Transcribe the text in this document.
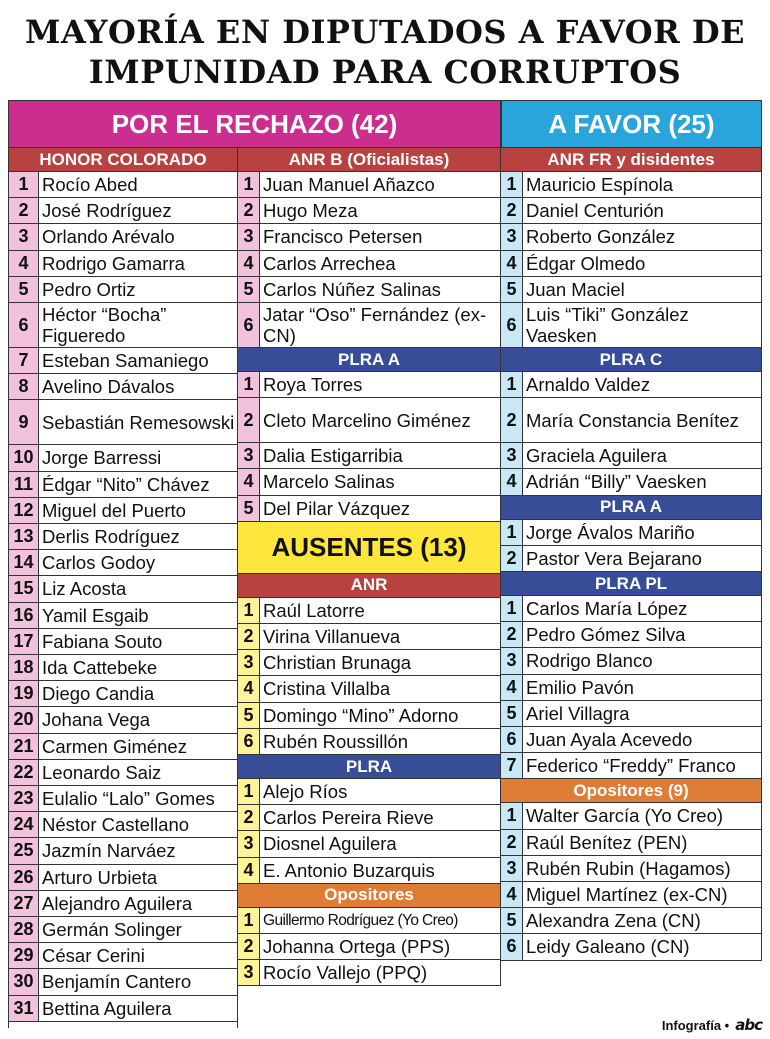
MAYORÍA EN DIPUTADOS A FAVOR DE
IMPUNIDAD PARA CORRUPTOS
POR EL RECHAZO (42)	A FAVOR (25)
HONOR COLORADO
1 Rocío Abed
2 José Rodríguez
3 Orlando Arévalo
4 Rodrigo Gamarra
5 Pedro Ortiz
6 Héctor “Bocha” Figueredo
7 Esteban Samaniego
8 Avelino Dávalos
9 Sebastián Remesowski
10 Jorge Barressi
11 Édgar “Nito” Chávez
12 Miguel del Puerto
13 Derlis Rodríguez
14 Carlos Godoy
15 Liz Acosta
16 Yamil Esgaib
17 Fabiana Souto
18 Ida Cattebeke
19 Diego Candia
20 Johana Vega
21 Carmen Giménez
22 Leonardo Saiz
23 Eulalio “Lalo” Gomes
24 Néstor Castellano
25 Jazmín Narváez
26 Arturo Urbieta
27 Alejandro Aguilera
28 Germán Solinger
29 César Cerini
30 Benjamín Cantero
31 Bettina Aguilera
ANR B (Oficialistas)
1 Juan Manuel Añazco
2 Hugo Meza
3 Francisco Petersen
4 Carlos Arrechea
5 Carlos Núñez Salinas
6 Jatar “Oso” Fernández (ex-CN)
PLRA A
1 Roya Torres
2 Cleto Marcelino Giménez
3 Dalia Estigarribia
4 Marcelo Salinas
5 Del Pilar Vázquez
AUSENTES (13)
ANR
1 Raúl Latorre
2 Virina Villanueva
3 Christian Brunaga
4 Cristina Villalba
5 Domingo “Mino” Adorno
6 Rubén Roussillón
PLRA
1 Alejo Ríos
2 Carlos Pereira Rieve
3 Diosnel Aguilera
4 E. Antonio Buzarquis
Opositores
1 Guillermo Rodríguez (Yo Creo)
2 Johanna Ortega (PPS)
3 Rocío Vallejo (PPQ)
ANR FR y disidentes
1 Mauricio Espínola
2 Daniel Centurión
3 Roberto González
4 Édgar Olmedo
5 Juan Maciel
6 Luis “Tiki” González Vaesken
PLRA C
1 Arnaldo Valdez
2 María Constancia Benítez
3 Graciela Aguilera
4 Adrián “Billy” Vaesken
PLRA A
1 Jorge Ávalos Mariño
2 Pastor Vera Bejarano
PLRA PL
1 Carlos María López
2 Pedro Gómez Silva
3 Rodrigo Blanco
4 Emilio Pavón
5 Ariel Villagra
6 Juan Ayala Acevedo
7 Federico “Freddy” Franco
Opositores (9)
1 Walter García (Yo Creo)
2 Raúl Benítez (PEN)
3 Rubén Rubin (Hagamos)
4 Miguel Martínez (ex-CN)
5 Alexandra Zena (CN)
6 Leidy Galeano (CN)
Infografía • abc
